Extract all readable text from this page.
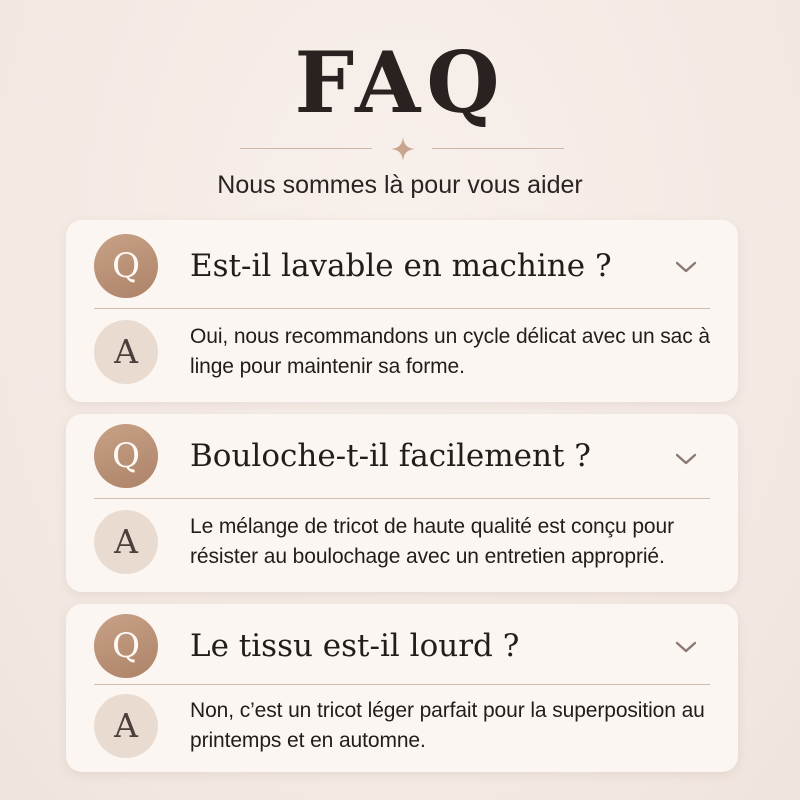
FAQ

Nous sommes là pour vous aider

Q	Est-il lavable en machine ?
A	Oui, nous recommandons un cycle délicat avec un sac à linge pour maintenir sa forme.

Q	Bouloche-t-il facilement ?
A	Le mélange de tricot de haute qualité est conçu pour résister au boulochage avec un entretien approprié.

Q	Le tissu est-il lourd ?
A	Non, c’est un tricot léger parfait pour la superposition au printemps et en automne.
